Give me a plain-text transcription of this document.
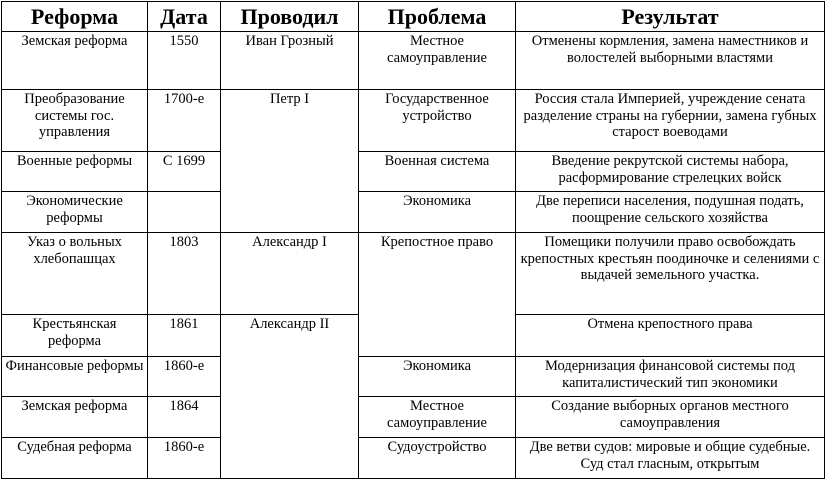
Реформа	Дата	Проводил	Проблема	Результат
Земская реформа	1550	Иван Грозный	Местное самоуправление	Отменены кормления, замена наместников и волостелей выборными властями
Преобразование системы гос. управления	1700-е	Петр I	Государственное устройство	Россия стала Империей, учреждение сената разделение страны на губернии, замена губных старост воеводами
Военные реформы	С 1699		Военная система	Введение рекрутской системы набора, расформирование стрелецких войск
Экономические реформы			Экономика	Две переписи населения, подушная подать, поощрение сельского хозяйства
Указ о вольных хлебопашцах	1803	Александр I	Крепостное право	Помещики получили право освобождать крепостных крестьян поодиночке и селениями с выдачей земельного участка.
Крестьянская реформа	1861	Александр II		Отмена крепостного права
Финансовые реформы	1860-е		Экономика	Модернизация финансовой системы под капиталистический тип экономики
Земская реформа	1864		Местное самоуправление	Создание выборных органов местного самоуправления
Судебная реформа	1860-е		Судоустройство	Две ветви судов: мировые и общие судебные. Суд стал гласным, открытым
